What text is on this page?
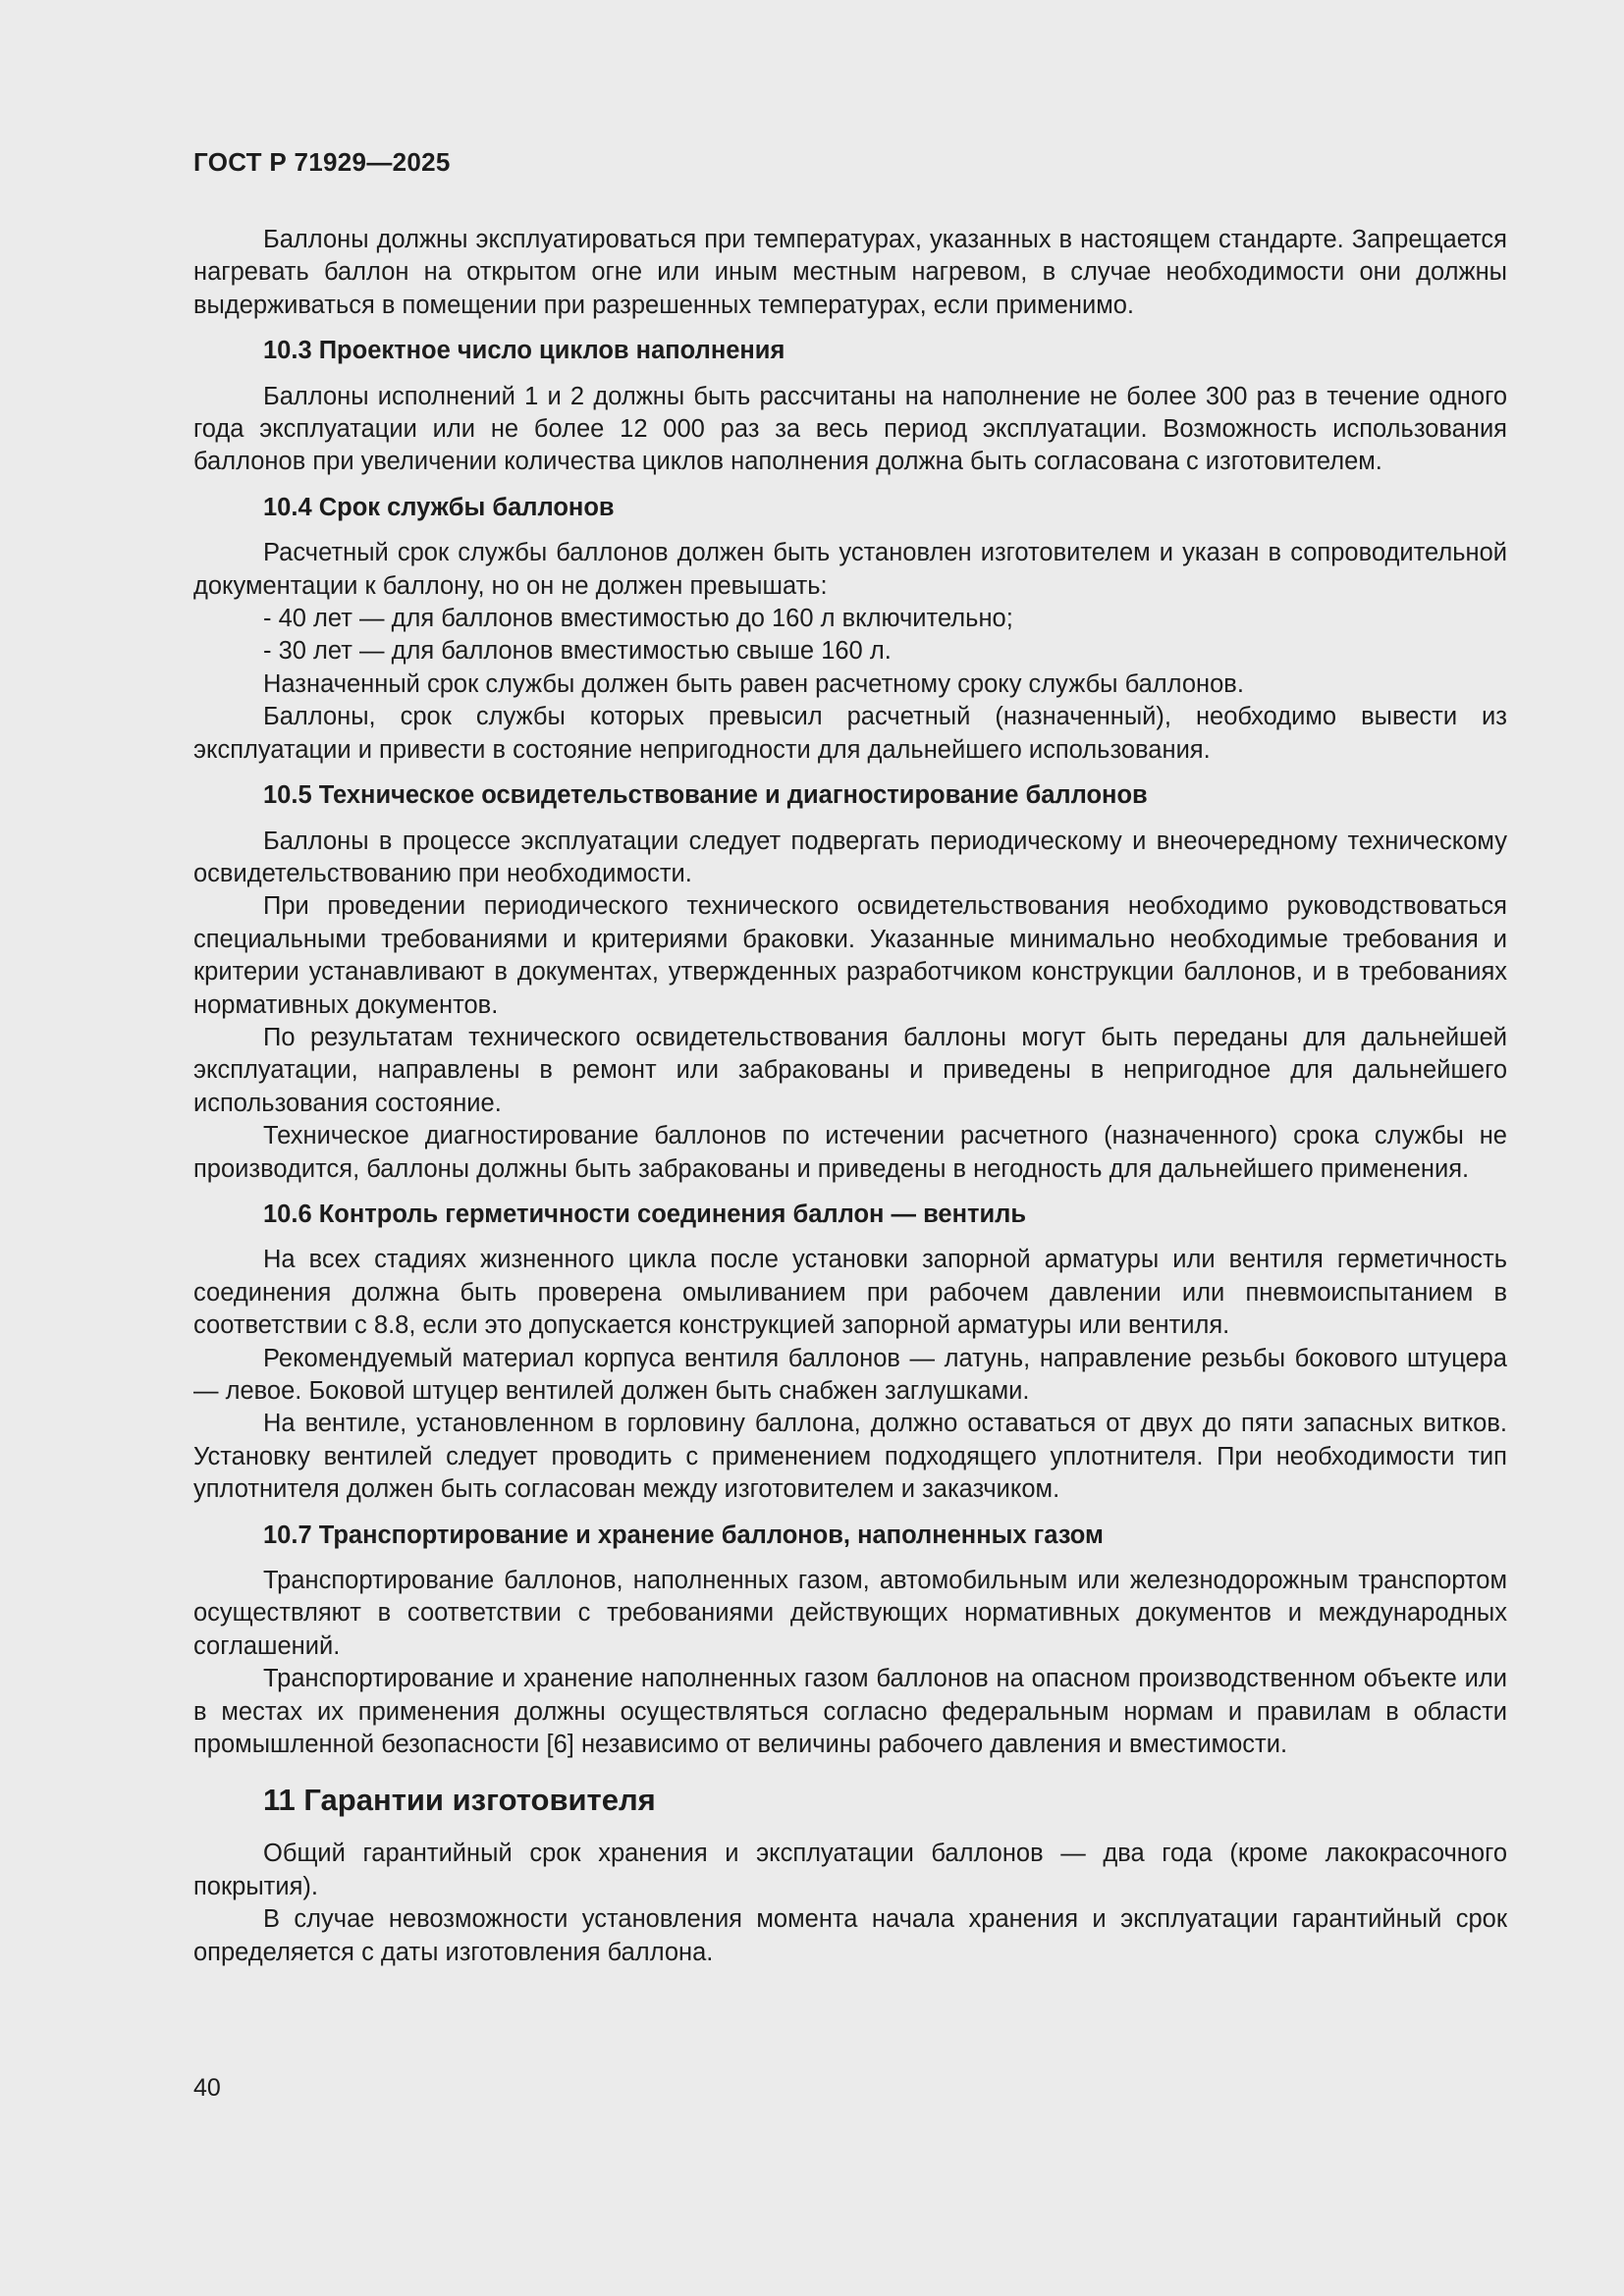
ГОСТ Р 71929—2025

Баллоны должны эксплуатироваться при температурах, указанных в настоящем стандарте. Запрещается нагревать баллон на открытом огне или иным местным нагревом, в случае необходимости они должны выдерживаться в помещении при разрешенных температурах, если применимо.

10.3 Проектное число циклов наполнения

Баллоны исполнений 1 и 2 должны быть рассчитаны на наполнение не более 300 раз в течение одного года эксплуатации или не более 12 000 раз за весь период эксплуатации. Возможность использования баллонов при увеличении количества циклов наполнения должна быть согласована с изготовителем.

10.4 Срок службы баллонов

Расчетный срок службы баллонов должен быть установлен изготовителем и указан в сопроводительной документации к баллону, но он не должен превышать:

- 40 лет — для баллонов вместимостью до 160 л включительно;
- 30 лет — для баллонов вместимостью свыше 160 л.

Назначенный срок службы должен быть равен расчетному сроку службы баллонов.

Баллоны, срок службы которых превысил расчетный (назначенный), необходимо вывести из эксплуатации и привести в состояние непригодности для дальнейшего использования.

10.5 Техническое освидетельствование и диагностирование баллонов

Баллоны в процессе эксплуатации следует подвергать периодическому и внеочередному техническому освидетельствованию при необходимости.

При проведении периодического технического освидетельствования необходимо руководствоваться специальными требованиями и критериями браковки. Указанные минимально необходимые требования и критерии устанавливают в документах, утвержденных разработчиком конструкции баллонов, и в требованиях нормативных документов.

По результатам технического освидетельствования баллоны могут быть переданы для дальнейшей эксплуатации, направлены в ремонт или забракованы и приведены в непригодное для дальнейшего использования состояние.

Техническое диагностирование баллонов по истечении расчетного (назначенного) срока службы не производится, баллоны должны быть забракованы и приведены в негодность для дальнейшего применения.

10.6 Контроль герметичности соединения баллон — вентиль

На всех стадиях жизненного цикла после установки запорной арматуры или вентиля герметичность соединения должна быть проверена омыливанием при рабочем давлении или пневмоиспытанием в соответствии с 8.8, если это допускается конструкцией запорной арматуры или вентиля.

Рекомендуемый материал корпуса вентиля баллонов — латунь, направление резьбы бокового штуцера — левое. Боковой штуцер вентилей должен быть снабжен заглушками.

На вентиле, установленном в горловину баллона, должно оставаться от двух до пяти запасных витков. Установку вентилей следует проводить с применением подходящего уплотнителя. При необходимости тип уплотнителя должен быть согласован между изготовителем и заказчиком.

10.7 Транспортирование и хранение баллонов, наполненных газом

Транспортирование баллонов, наполненных газом, автомобильным или железнодорожным транспортом осуществляют в соответствии с требованиями действующих нормативных документов и международных соглашений.

Транспортирование и хранение наполненных газом баллонов на опасном производственном объекте или в местах их применения должны осуществляться согласно федеральным нормам и правилам в области промышленной безопасности [6] независимо от величины рабочего давления и вместимости.

11 Гарантии изготовителя

Общий гарантийный срок хранения и эксплуатации баллонов — два года (кроме лакокрасочного покрытия).

В случае невозможности установления момента начала хранения и эксплуатации гарантийный срок определяется с даты изготовления баллона.

40
